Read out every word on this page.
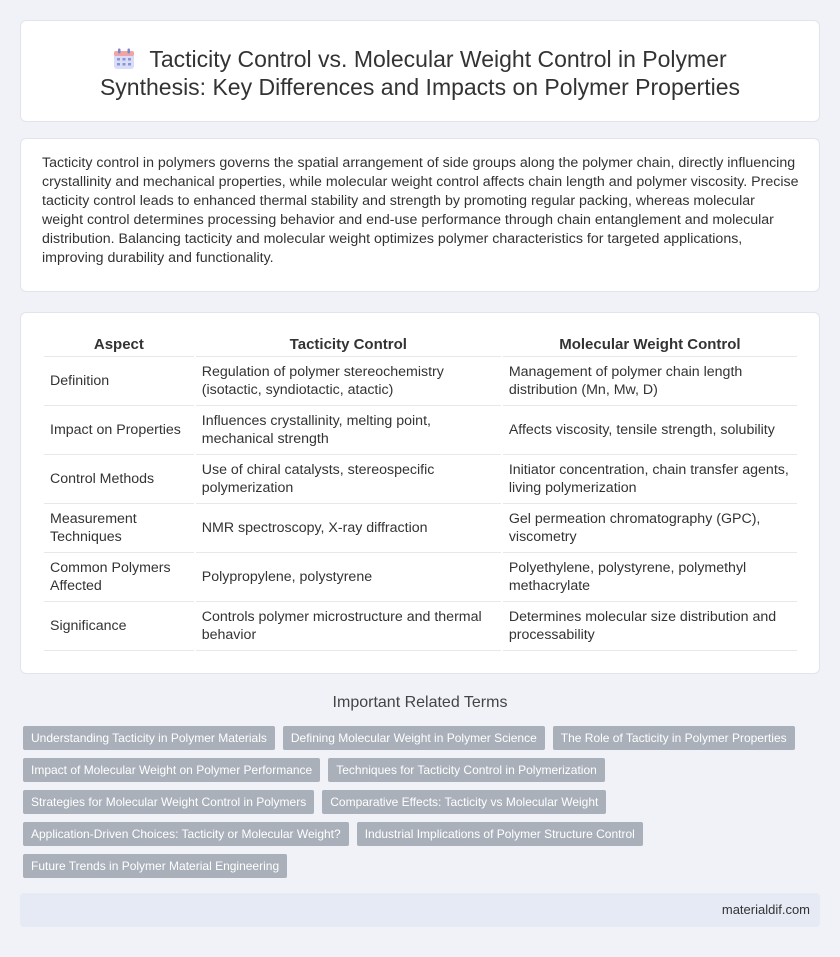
Tacticity Control vs. Molecular Weight Control in Polymer Synthesis: Key Differences and Impacts on Polymer Properties

Tacticity control in polymers governs the spatial arrangement of side groups along the polymer chain, directly influencing crystallinity and mechanical properties, while molecular weight control affects chain length and polymer viscosity. Precise tacticity control leads to enhanced thermal stability and strength by promoting regular packing, whereas molecular weight control determines processing behavior and end-use performance through chain entanglement and molecular distribution. Balancing tacticity and molecular weight optimizes polymer characteristics for targeted applications, improving durability and functionality.

Aspect	Tacticity Control	Molecular Weight Control
Definition	Regulation of polymer stereochemistry (isotactic, syndiotactic, atactic)	Management of polymer chain length distribution (Mn, Mw, D)
Impact on Properties	Influences crystallinity, melting point, mechanical strength	Affects viscosity, tensile strength, solubility
Control Methods	Use of chiral catalysts, stereospecific polymerization	Initiator concentration, chain transfer agents, living polymerization
Measurement Techniques	NMR spectroscopy, X-ray diffraction	Gel permeation chromatography (GPC), viscometry
Common Polymers Affected	Polypropylene, polystyrene	Polyethylene, polystyrene, polymethyl methacrylate
Significance	Controls polymer microstructure and thermal behavior	Determines molecular size distribution and processability
Important Related Terms
Understanding Tacticity in Polymer Materials	Defining Molecular Weight in Polymer Science	The Role of Tacticity in Polymer Properties
Impact of Molecular Weight on Polymer Performance	Techniques for Tacticity Control in Polymerization
Strategies for Molecular Weight Control in Polymers	Comparative Effects: Tacticity vs Molecular Weight
Application-Driven Choices: Tacticity or Molecular Weight?	Industrial Implications of Polymer Structure Control
Future Trends in Polymer Material Engineering
materialdif.com
